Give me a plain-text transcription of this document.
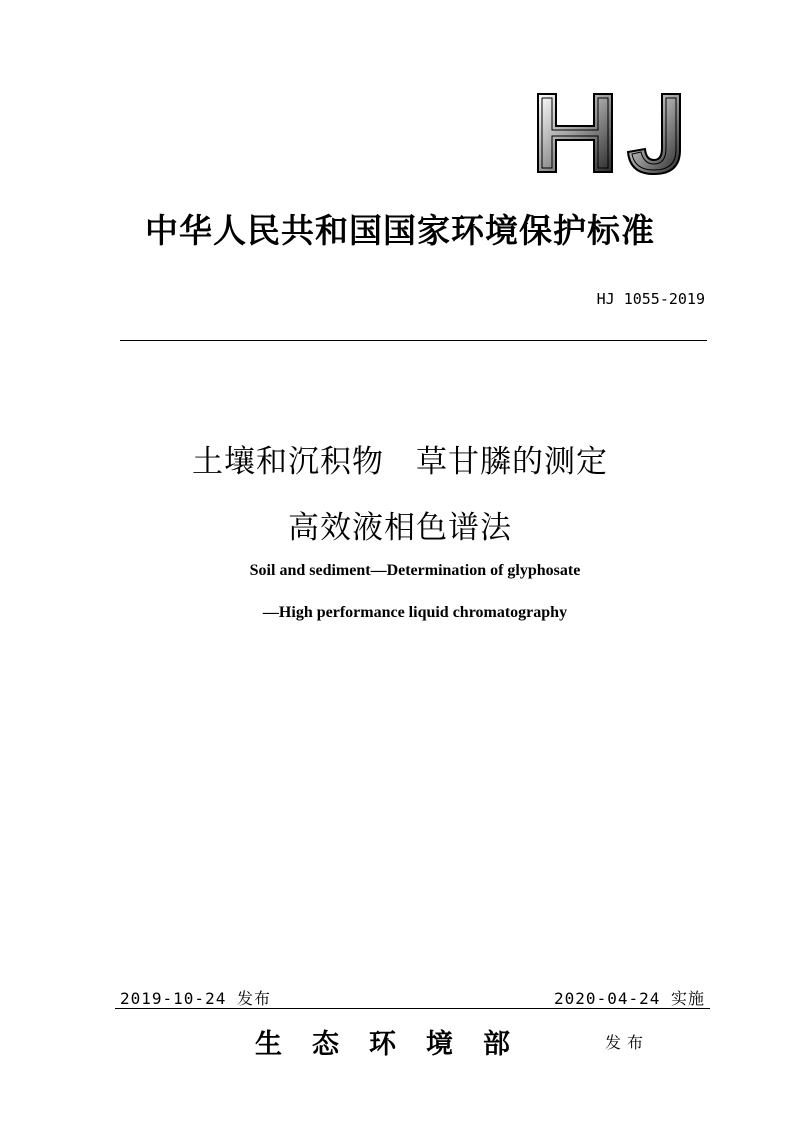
中华人民共和国国家环境保护标准
HJ 1055-2019
土壤和沉积物　草甘膦的测定
高效液相色谱法
Soil and sediment—Determination of glyphosate
—High performance liquid chromatography
2019-10-24 发布	2020-04-24 实施
生态环境部	发布
